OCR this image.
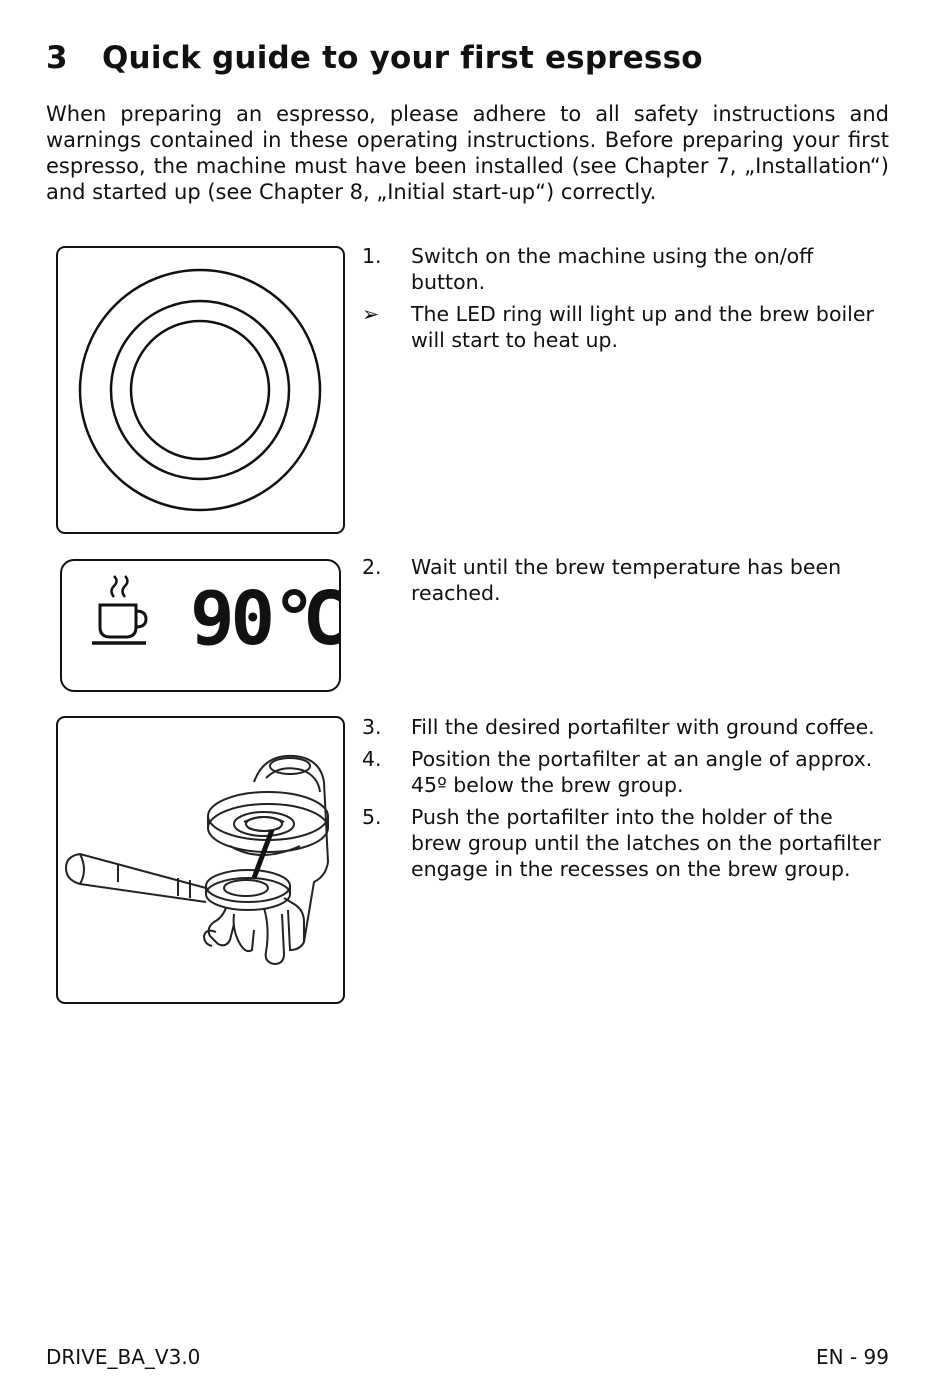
3 Quick guide to your first espresso

When preparing an espresso, please adhere to all safety instructions and warnings contained in these operating instructions. Before preparing your first espresso, the machine must have been installed (see Chapter 7, „Installation“) and started up (see Chapter 8, „Initial start-up“) correctly.

1.	Switch on the machine using the on/off button.
➢	The LED ring will light up and the brew boiler will start to heat up.
90 °C
2.	Wait until the brew temperature has been reached.
3.	Fill the desired portafilter with ground coffee.
4.	Position the portafilter at an angle of approx. 45º below the brew group.
5.	Push the portafilter into the holder of the brew group until the latches on the portafilter engage in the recesses on the brew group.
DRIVE_BA_V3.0	EN - 99
